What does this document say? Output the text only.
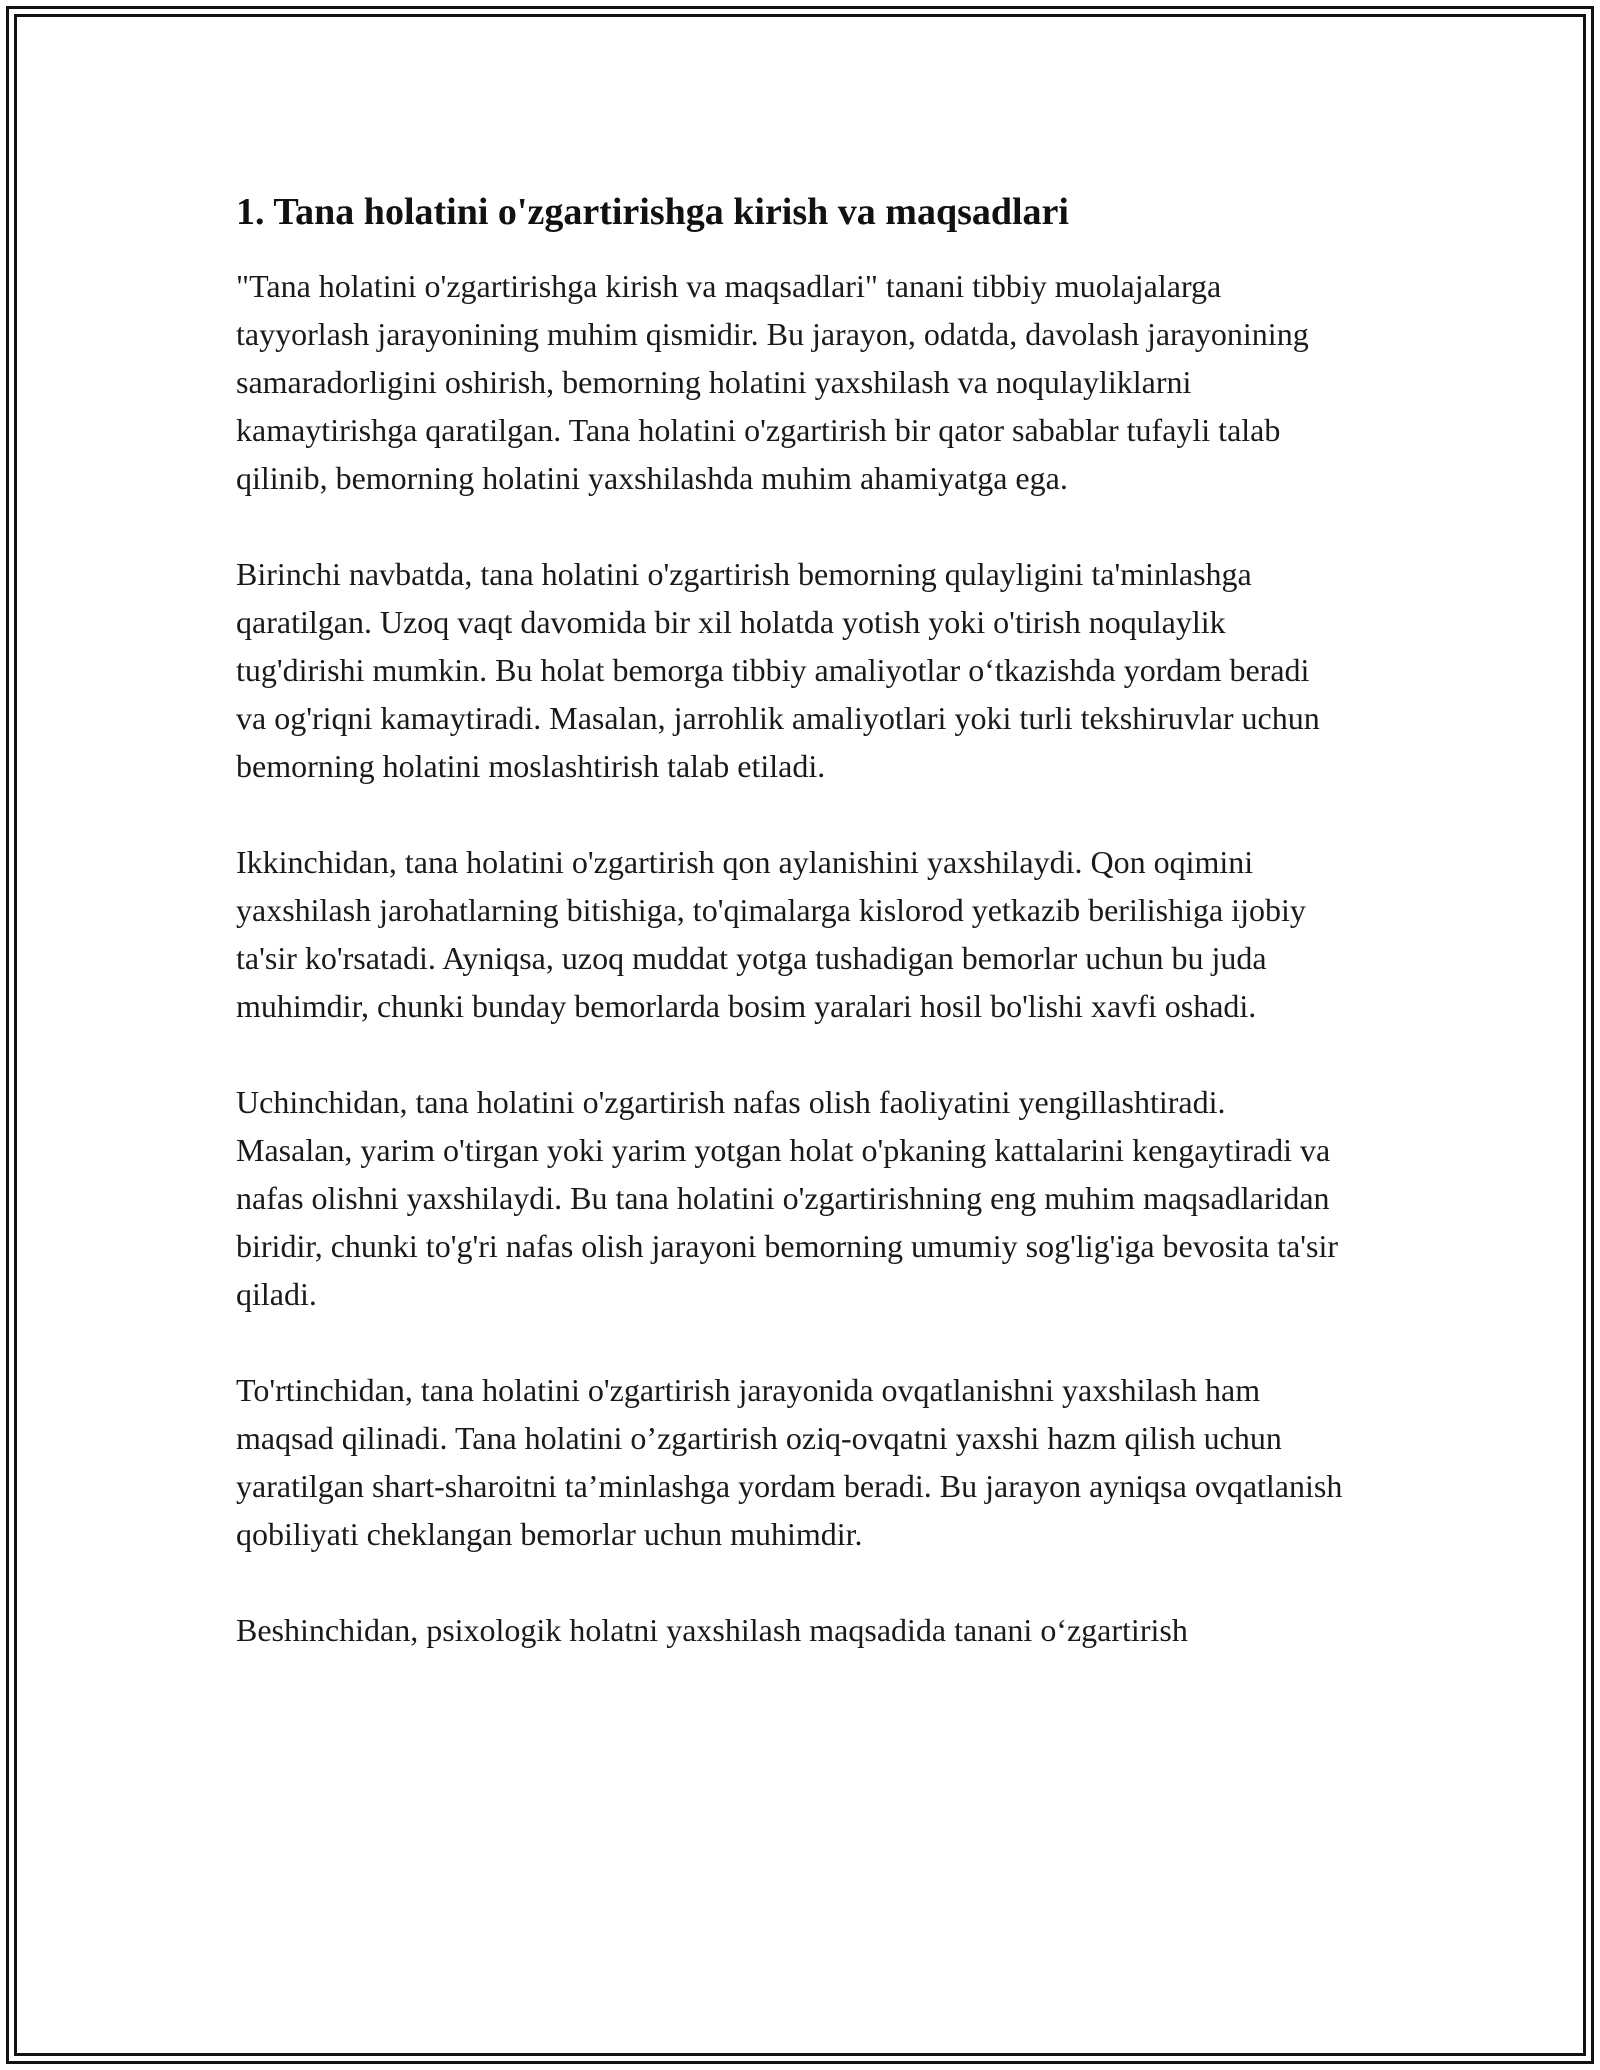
1. Tana holatini o'zgartirishga kirish va maqsadlari

"Tana holatini o'zgartirishga kirish va maqsadlari" tanani tibbiy muolajalarga tayyorlash jarayonining muhim qismidir. Bu jarayon, odatda, davolash jarayonining samaradorligini oshirish, bemorning holatini yaxshilash va noqulayliklarni kamaytirishga qaratilgan. Tana holatini o'zgartirish bir qator sabablar tufayli talab qilinib, bemorning holatini yaxshilashda muhim ahamiyatga ega.

Birinchi navbatda, tana holatini o'zgartirish bemorning qulayligini ta'minlashga qaratilgan. Uzoq vaqt davomida bir xil holatda yotish yoki o'tirish noqulaylik tug'dirishi mumkin. Bu holat bemorga tibbiy amaliyotlar o‘tkazishda yordam beradi va og'riqni kamaytiradi. Masalan, jarrohlik amaliyotlari yoki turli tekshiruvlar uchun bemorning holatini moslashtirish talab etiladi.

Ikkinchidan, tana holatini o'zgartirish qon aylanishini yaxshilaydi. Qon oqimini yaxshilash jarohatlarning bitishiga, to'qimalarga kislorod yetkazib berilishiga ijobiy ta'sir ko'rsatadi. Ayniqsa, uzoq muddat yotga tushadigan bemorlar uchun bu juda muhimdir, chunki bunday bemorlarda bosim yaralari hosil bo'lishi xavfi oshadi.

Uchinchidan, tana holatini o'zgartirish nafas olish faoliyatini yengillashtiradi. Masalan, yarim o'tirgan yoki yarim yotgan holat o'pkaning kattalarini kengaytiradi va nafas olishni yaxshilaydi. Bu tana holatini o'zgartirishning eng muhim maqsadlaridan biridir, chunki to'g'ri nafas olish jarayoni bemorning umumiy sog'lig'iga bevosita ta'sir qiladi.

To'rtinchidan, tana holatini o'zgartirish jarayonida ovqatlanishni yaxshilash ham maqsad qilinadi. Tana holatini o’zgartirish oziq-ovqatni yaxshi hazm qilish uchun yaratilgan shart-sharoitni ta’minlashga yordam beradi. Bu jarayon ayniqsa ovqatlanish qobiliyati cheklangan bemorlar uchun muhimdir.

Beshinchidan, psixologik holatni yaxshilash maqsadida tanani o‘zgartirish
